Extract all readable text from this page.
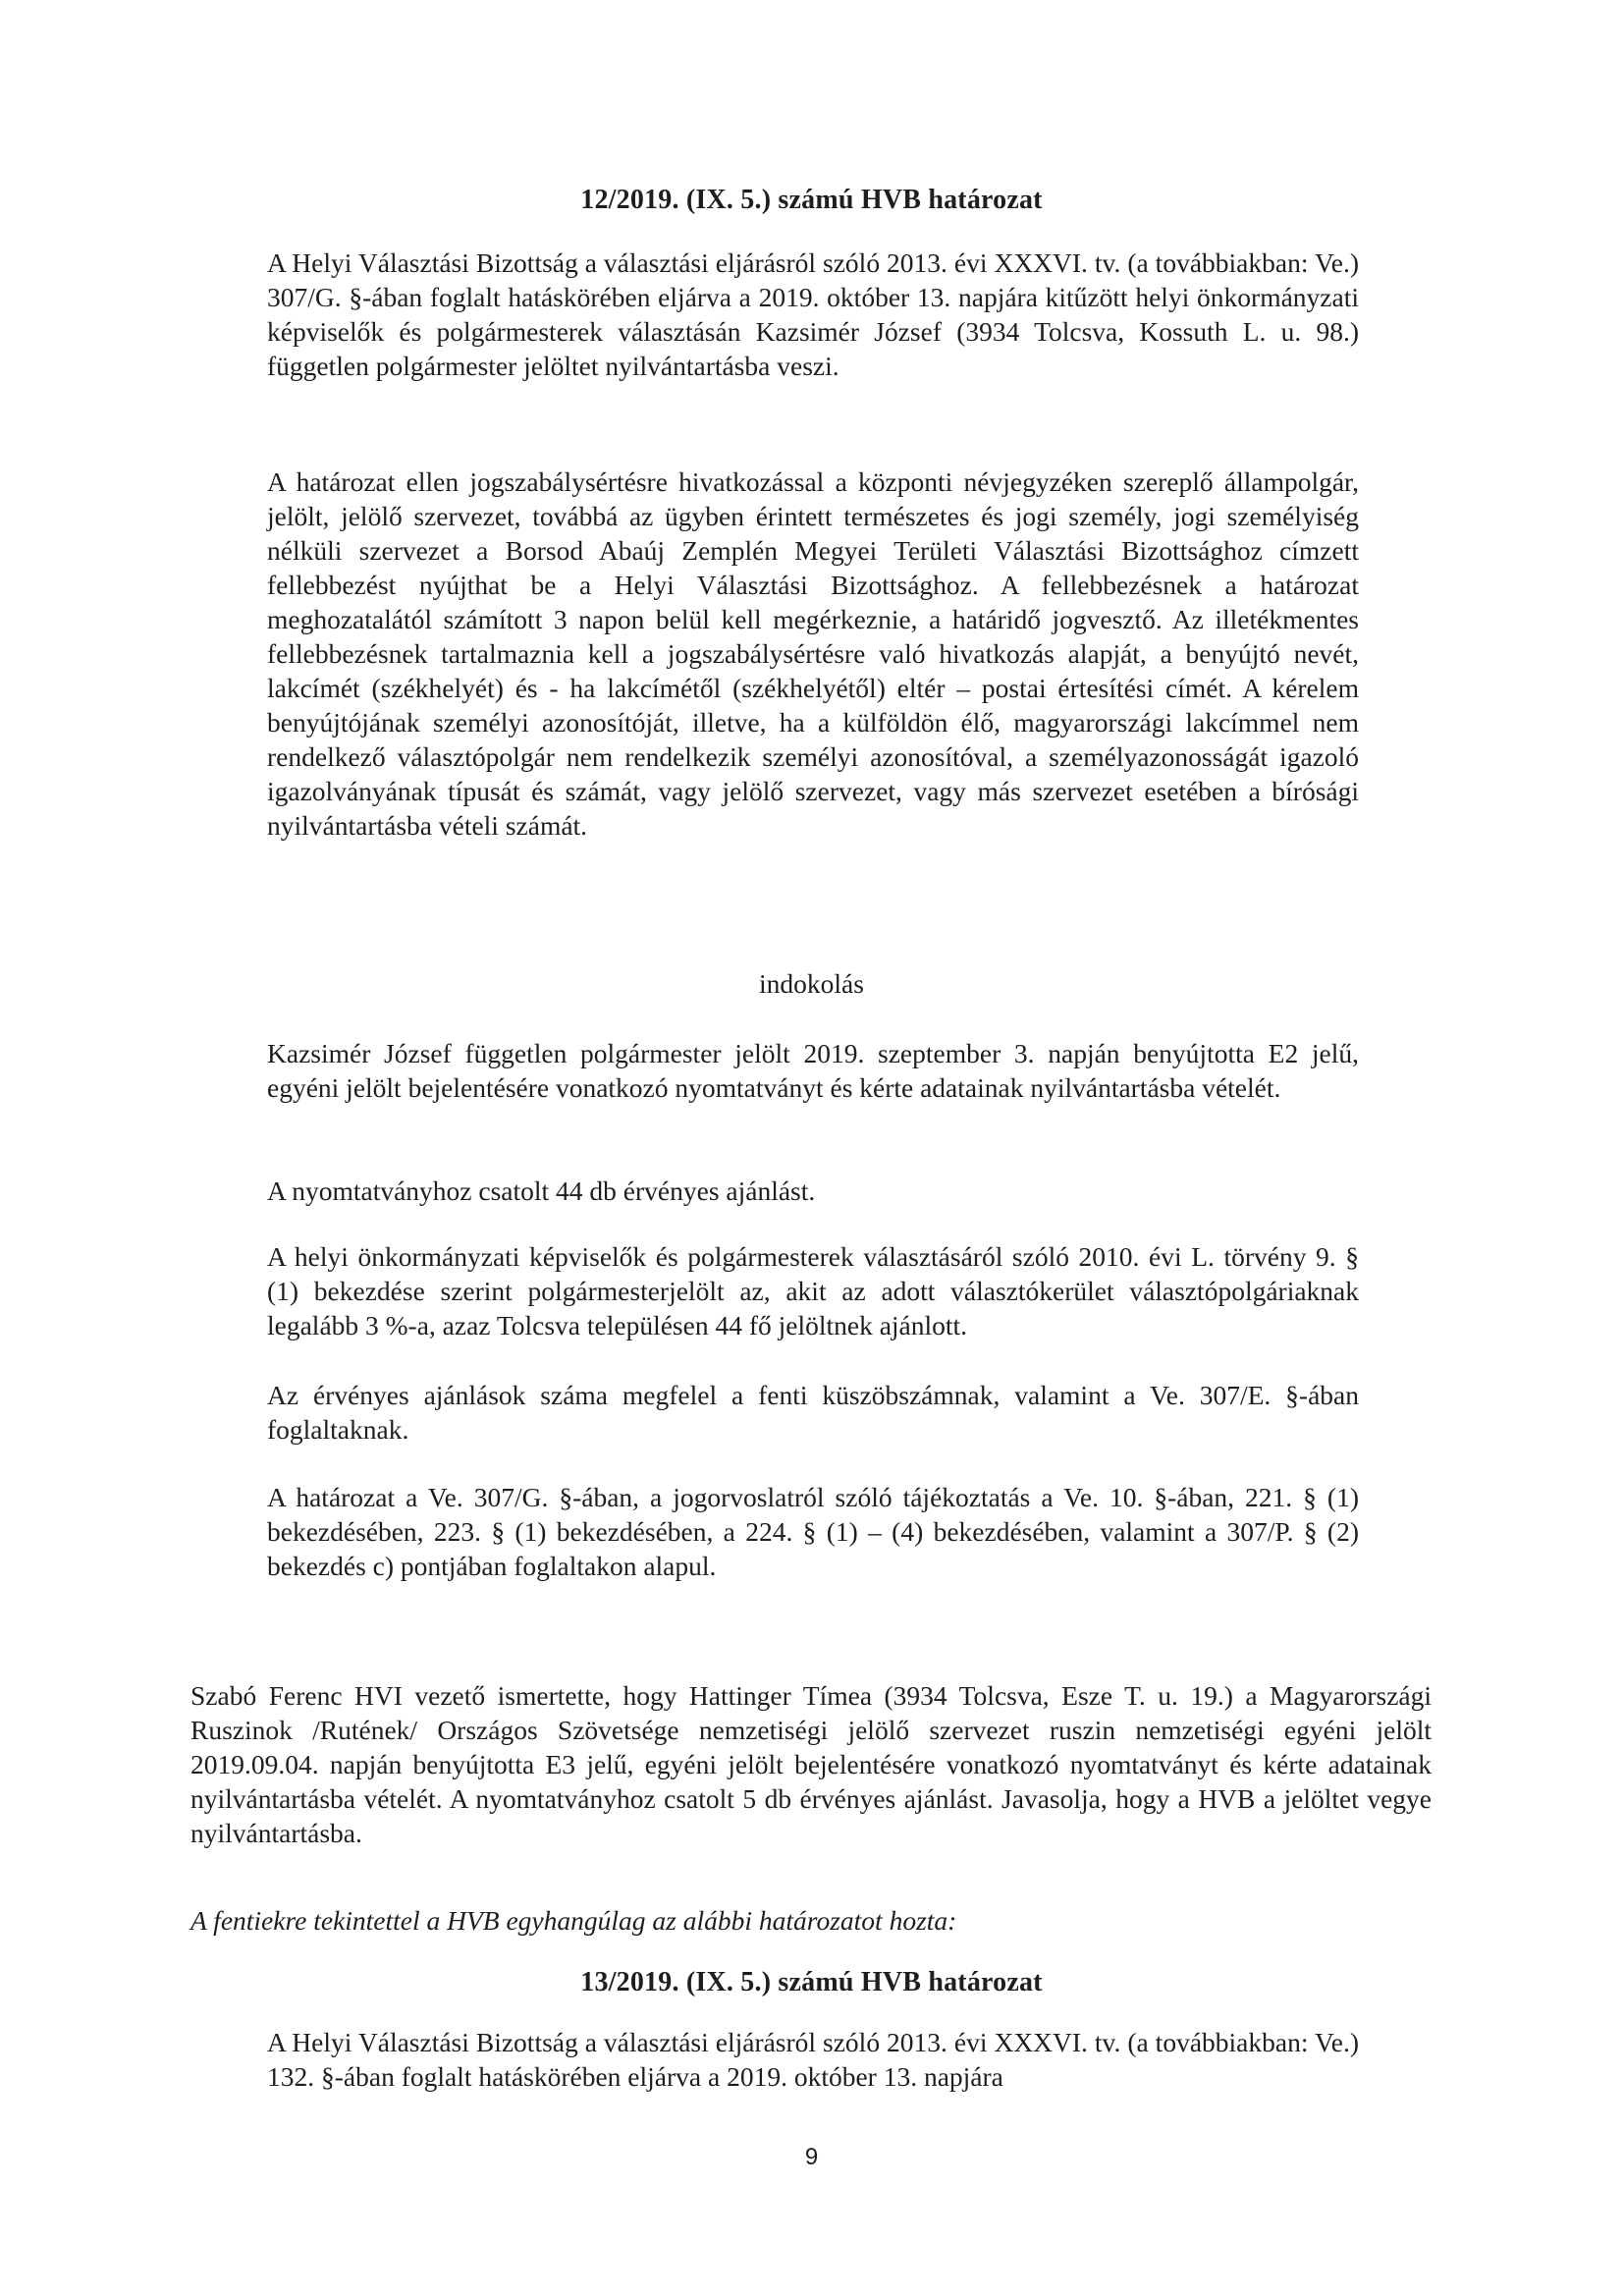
12/2019. (IX. 5.) számú HVB határozat

A Helyi Választási Bizottság a választási eljárásról szóló 2013. évi XXXVI. tv. (a továbbiakban: Ve.) 307/G. §-ában foglalt hatáskörében eljárva a 2019. október 13. napjára kitűzött helyi önkormányzati képviselők és polgármesterek választásán Kazsimér József (3934 Tolcsva, Kossuth L. u. 98.) független polgármester jelöltet nyilvántartásba veszi.

A határozat ellen jogszabálysértésre hivatkozással a központi névjegyzéken szereplő állampolgár, jelölt, jelölő szervezet, továbbá az ügyben érintett természetes és jogi személy, jogi személyiség nélküli szervezet a Borsod Abaúj Zemplén Megyei Területi Választási Bizottsághoz címzett fellebbezést nyújthat be a Helyi Választási Bizottsághoz. A fellebbezésnek a határozat meghozatalától számított 3 napon belül kell megérkeznie, a határidő jogvesztő. Az illetékmentes fellebbezésnek tartalmaznia kell a jogszabálysértésre való hivatkozás alapját, a benyújtó nevét, lakcímét (székhelyét) és - ha lakcímétől (székhelyétől) eltér – postai értesítési címét. A kérelem benyújtójának személyi azonosítóját, illetve, ha a külföldön élő, magyarországi lakcímmel nem rendelkező választópolgár nem rendelkezik személyi azonosítóval, a személyazonosságát igazoló igazolványának típusát és számát, vagy jelölő szervezet, vagy más szervezet esetében a bírósági nyilvántartásba vételi számát.

indokolás

Kazsimér József független polgármester jelölt 2019. szeptember 3. napján benyújtotta E2 jelű, egyéni jelölt bejelentésére vonatkozó nyomtatványt és kérte adatainak nyilvántartásba vételét.

A nyomtatványhoz csatolt 44 db érvényes ajánlást.

A helyi önkormányzati képviselők és polgármesterek választásáról szóló 2010. évi L. törvény 9. § (1) bekezdése szerint polgármesterjelölt az, akit az adott választókerület választópolgáriaknak legalább 3 %-a, azaz Tolcsva településen 44 fő jelöltnek ajánlott.

Az érvényes ajánlások száma megfelel a fenti küszöbszámnak, valamint a Ve. 307/E. §-ában foglaltaknak.

A határozat a Ve. 307/G. §-ában, a jogorvoslatról szóló tájékoztatás a Ve. 10. §-ában, 221. § (1) bekezdésében, 223. § (1) bekezdésében, a 224. § (1) – (4) bekezdésében, valamint a 307/P. § (2) bekezdés c) pontjában foglaltakon alapul.

Szabó Ferenc HVI vezető ismertette, hogy Hattinger Tímea (3934 Tolcsva, Esze T. u. 19.) a Magyarországi Ruszinok /Rutének/ Országos Szövetsége nemzetiségi jelölő szervezet ruszin nemzetiségi egyéni jelölt 2019.09.04. napján benyújtotta E3 jelű, egyéni jelölt bejelentésére vonatkozó nyomtatványt és kérte adatainak nyilvántartásba vételét. A nyomtatványhoz csatolt 5 db érvényes ajánlást. Javasolja, hogy a HVB a jelöltet vegye nyilvántartásba.

A fentiekre tekintettel a HVB egyhangúlag az alábbi határozatot hozta:
13/2019. (IX. 5.) számú HVB határozat

A Helyi Választási Bizottság a választási eljárásról szóló 2013. évi XXXVI. tv. (a továbbiakban: Ve.) 132. §-ában foglalt hatáskörében eljárva a 2019. október 13. napjára

9
